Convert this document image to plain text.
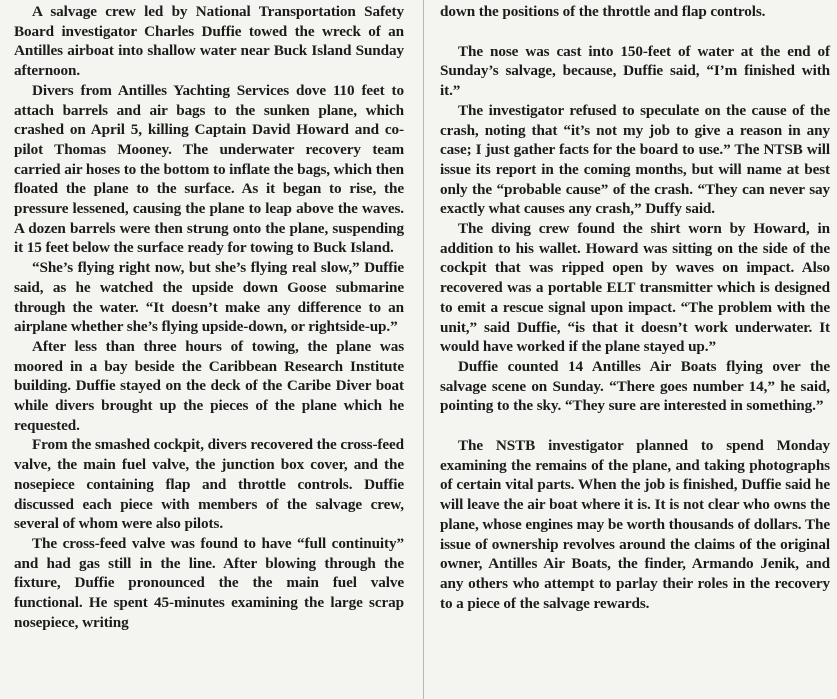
A salvage crew led by National Transportation Safety Board investigator Charles Duffie towed the wreck of an Antilles airboat into shallow water near Buck Island Sunday afternoon.

Divers from Antilles Yachting Services dove 110 feet to attach barrels and air bags to the sunken plane, which crashed on April 5, killing Captain David Howard and co-pilot Thomas Mooney. The underwater recovery team carried air hoses to the bottom to inflate the bags, which then floated the plane to the surface. As it began to rise, the pressure lessened, causing the plane to leap above the waves. A dozen barrels were then strung onto the plane, suspending it 15 feet below the surface ready for towing to Buck Island.

“She’s flying right now, but she’s flying real slow,” Duffie said, as he watched the upside down Goose submarine through the water. “It doesn’t make any difference to an airplane whether she’s flying upside-down, or rightside-up.”

After less than three hours of towing, the plane was moored in a bay beside the Caribbean Research Institute building. Duffie stayed on the deck of the Caribe Diver boat while divers brought up the pieces of the plane which he requested.

From the smashed cockpit, divers recovered the cross-feed valve, the main fuel valve, the junction box cover, and the nosepiece containing flap and throttle controls. Duffie discussed each piece with members of the salvage crew, several of whom were also pilots.

The cross-feed valve was found to have “full continuity” and had gas still in the line. After blowing through the fixture, Duffie pronounced the the main fuel valve functional. He spent 45-minutes examining the large scrap nosepiece, writing

down the positions of the throttle and flap controls.

The nose was cast into 150-feet of water at the end of Sunday’s salvage, because, Duffie said, “I’m finished with it.”

The investigator refused to speculate on the cause of the crash, noting that “it’s not my job to give a reason in any case; I just gather facts for the board to use.” The NTSB will issue its report in the coming months, but will name at best only the “probable cause” of the crash. “They can never say exactly what causes any crash,” Duffy said.

The diving crew found the shirt worn by Howard, in addition to his wallet. Howard was sitting on the side of the cockpit that was ripped open by waves on impact. Also recovered was a portable ELT transmitter which is designed to emit a rescue signal upon impact. “The problem with the unit,” said Duffie, “is that it doesn’t work underwater. It would have worked if the plane stayed up.”

Duffie counted 14 Antilles Air Boats flying over the salvage scene on Sunday. “There goes number 14,” he said, pointing to the sky. “They sure are interested in something.”

The NSTB investigator planned to spend Monday examining the remains of the plane, and taking photographs of certain vital parts. When the job is finished, Duffie said he will leave the air boat where it is. It is not clear who owns the plane, whose engines may be worth thousands of dollars. The issue of ownership revolves around the claims of the original owner, Antilles Air Boats, the finder, Armando Jenik, and any others who attempt to parlay their roles in the recovery to a piece of the salvage rewards.
